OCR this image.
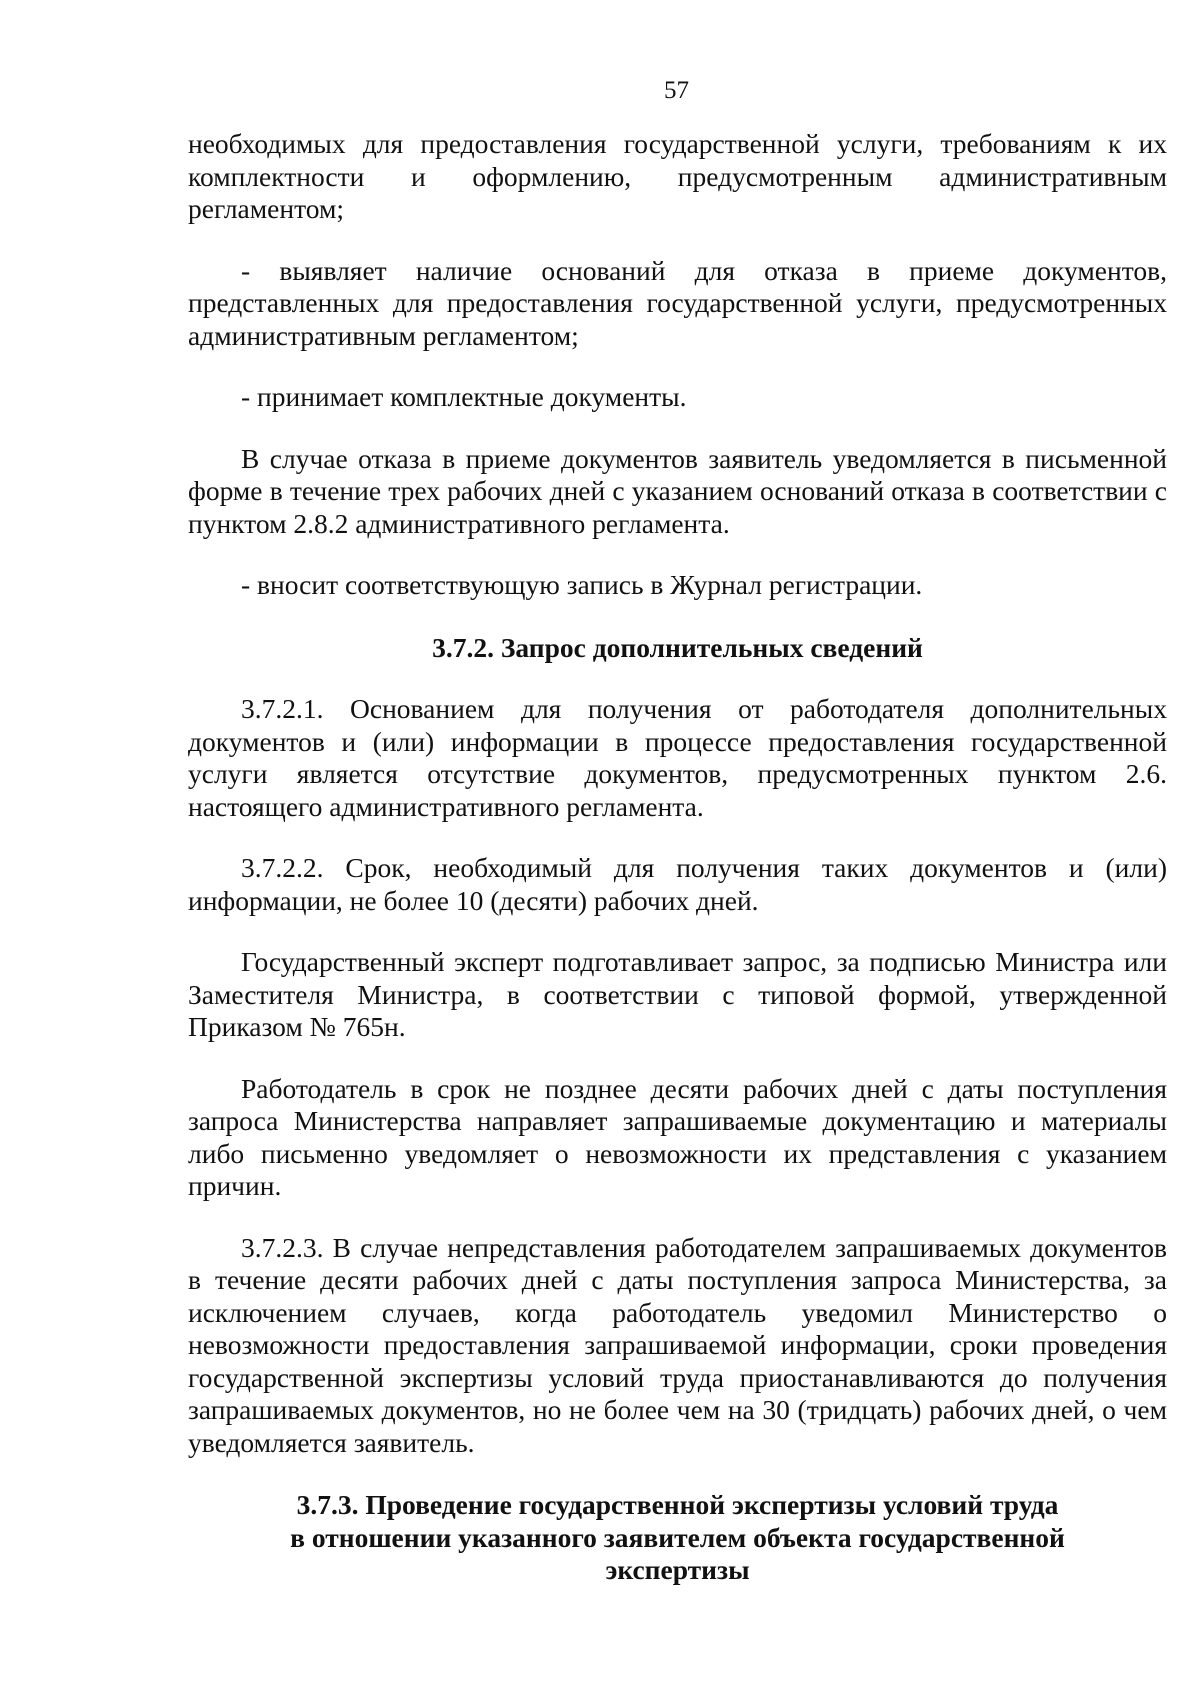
57

необходимых для предоставления государственной услуги, требованиям к их комплектности и оформлению, предусмотренным административным регламентом;

- выявляет наличие оснований для отказа в приеме документов, представленных для предоставления государственной услуги, предусмотренных административным регламентом;

- принимает комплектные документы.

В случае отказа в приеме документов заявитель уведомляется в письменной форме в течение трех рабочих дней с указанием оснований отказа в соответствии с пунктом 2.8.2 административного регламента.

- вносит соответствующую запись в Журнал регистрации.

3.7.2. Запрос дополнительных сведений

3.7.2.1. Основанием для получения от работодателя дополнительных документов и (или) информации в процессе предоставления государственной услуги является отсутствие документов, предусмотренных пунктом 2.6. настоящего административного регламента.

3.7.2.2. Срок, необходимый для получения таких документов и (или) информации, не более 10 (десяти) рабочих дней.

Государственный эксперт подготавливает запрос, за подписью Министра или Заместителя Министра, в соответствии с типовой формой, утвержденной Приказом № 765н.

Работодатель в срок не позднее десяти рабочих дней с даты поступления запроса Министерства направляет запрашиваемые документацию и материалы либо письменно уведомляет о невозможности их представления с указанием причин.

3.7.2.3. В случае непредставления работодателем запрашиваемых документов в течение десяти рабочих дней с даты поступления запроса Министерства, за исключением случаев, когда работодатель уведомил Министерство о невозможности предоставления запрашиваемой информации, сроки проведения государственной экспертизы условий труда приостанавливаются до получения запрашиваемых документов, но не более чем на 30 (тридцать) рабочих дней, о чем уведомляется заявитель.

3.7.3. Проведение государственной экспертизы условий труда
в отношении указанного заявителем объекта государственной
экспертизы
